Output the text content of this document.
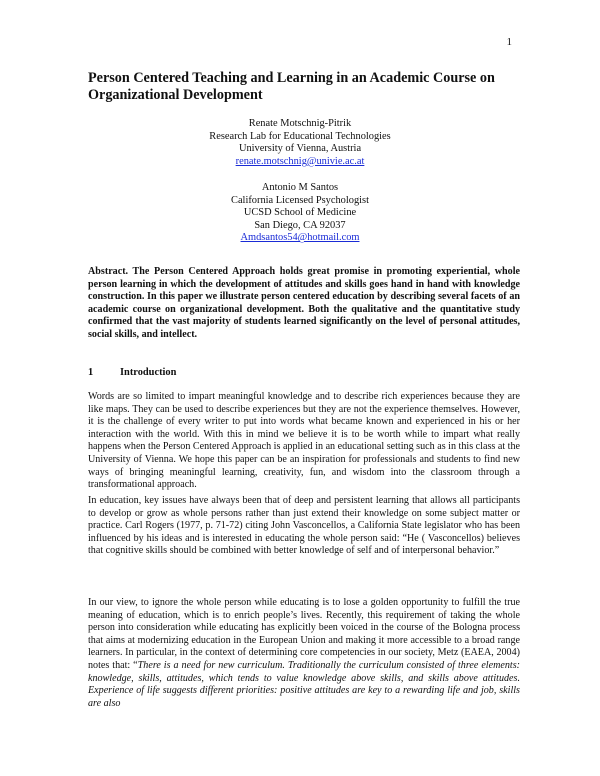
1
Person Centered Teaching and Learning in an Academic Course on Organizational Development
Renate Motschnig-Pitrik
Research Lab for Educational Technologies
University of Vienna, Austria
renate.motschnig@univie.ac.at
Antonio M Santos
California Licensed Psychologist
UCSD School of Medicine
San Diego, CA 92037
Amdsantos54@hotmail.com
Abstract. The Person Centered Approach holds great promise in promoting experiential, whole person learning in which the development of attitudes and skills goes hand in hand with knowledge construction. In this paper we illustrate person centered education by describing several facets of an academic course on organizational development. Both the qualitative and the quantitative study confirmed that the vast majority of students learned significantly on the level of personal attitudes, social skills, and intellect.
1	Introduction
Words are so limited to impart meaningful knowledge and to describe rich experiences because they are like maps. They can be used to describe experiences but they are not the experience themselves. However, it is the challenge of every writer to put into words what became known and experienced in his or her interaction with the world. With this in mind we believe it is to be worth while to impart what really happens when the Person Centered Approach is applied in an educational setting such as in this class at the University of Vienna. We hope this paper can be an inspiration for professionals and students to find new ways of bringing meaningful learning, creativity, fun, and wisdom into the classroom through a transformational approach.
In education, key issues have always been that of deep and persistent learning that allows all participants to develop or grow as whole persons rather than just extend their knowledge on some subject matter or practice. Carl Rogers (1977, p. 71-72) citing John Vasconcellos, a California State legislator who has been influenced by his ideas and is interested in educating the whole person said: “He ( Vasconcellos) believes that cognitive skills should be combined with better knowledge of self and of interpersonal behavior.”
In our view, to ignore the whole person while educating is to lose a golden opportunity to fulfill the true meaning of education, which is to enrich people’s lives. Recently, this requirement of taking the whole person into consideration while educating has explicitly been voiced in the course of the Bologna process that aims at modernizing education in the European Union and making it more accessible to a broad range learners. In particular, in the context of determining core competencies in our society, Metz (EAEA, 2004) notes that: “There is a need for new curriculum. Traditionally the curriculum consisted of three elements: knowledge, skills, attitudes, which tends to value knowledge above skills, and skills above attitudes. Experience of life suggests different priorities: positive attitudes are key to a rewarding life and job, skills are also
